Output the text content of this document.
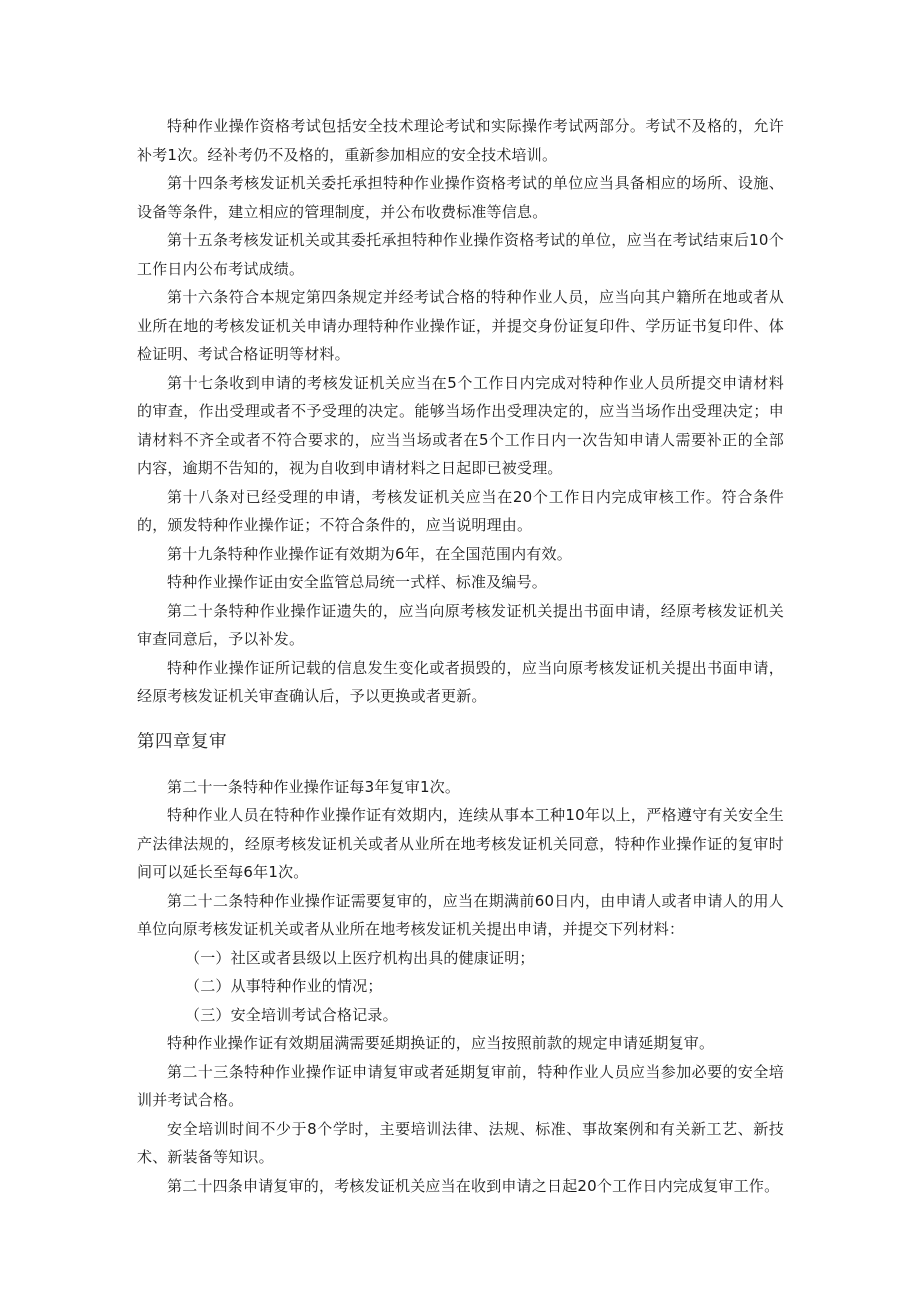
特种作业操作资格考试包括安全技术理论考试和实际操作考试两部分。考试不及格的，允许补考1次。经补考仍不及格的，重新参加相应的安全技术培训。

第十四条考核发证机关委托承担特种作业操作资格考试的单位应当具备相应的场所、设施、设备等条件，建立相应的管理制度，并公布收费标准等信息。

第十五条考核发证机关或其委托承担特种作业操作资格考试的单位，应当在考试结束后10个工作日内公布考试成绩。

第十六条符合本规定第四条规定并经考试合格的特种作业人员，应当向其户籍所在地或者从业所在地的考核发证机关申请办理特种作业操作证，并提交身份证复印件、学历证书复印件、体检证明、考试合格证明等材料。

第十七条收到申请的考核发证机关应当在5个工作日内完成对特种作业人员所提交申请材料的审查，作出受理或者不予受理的决定。能够当场作出受理决定的，应当当场作出受理决定；申请材料不齐全或者不符合要求的，应当当场或者在5个工作日内一次告知申请人需要补正的全部内容，逾期不告知的，视为自收到申请材料之日起即已被受理。

第十八条对已经受理的申请，考核发证机关应当在20个工作日内完成审核工作。符合条件的，颁发特种作业操作证；不符合条件的，应当说明理由。

第十九条特种作业操作证有效期为6年，在全国范围内有效。

特种作业操作证由安全监管总局统一式样、标准及编号。

第二十条特种作业操作证遗失的，应当向原考核发证机关提出书面申请，经原考核发证机关审查同意后，予以补发。

特种作业操作证所记载的信息发生变化或者损毁的，应当向原考核发证机关提出书面申请，经原考核发证机关审查确认后，予以更换或者更新。

第四章复审

第二十一条特种作业操作证每3年复审1次。

特种作业人员在特种作业操作证有效期内，连续从事本工种10年以上，严格遵守有关安全生产法律法规的，经原考核发证机关或者从业所在地考核发证机关同意，特种作业操作证的复审时间可以延长至每6年1次。

第二十二条特种作业操作证需要复审的，应当在期满前60日内，由申请人或者申请人的用人单位向原考核发证机关或者从业所在地考核发证机关提出申请，并提交下列材料：

（一）社区或者县级以上医疗机构出具的健康证明；

（二）从事特种作业的情况；

（三）安全培训考试合格记录。

特种作业操作证有效期届满需要延期换证的，应当按照前款的规定申请延期复审。

第二十三条特种作业操作证申请复审或者延期复审前，特种作业人员应当参加必要的安全培训并考试合格。

安全培训时间不少于8个学时，主要培训法律、法规、标准、事故案例和有关新工艺、新技术、新装备等知识。

第二十四条申请复审的，考核发证机关应当在收到申请之日起20个工作日内完成复审工作。
